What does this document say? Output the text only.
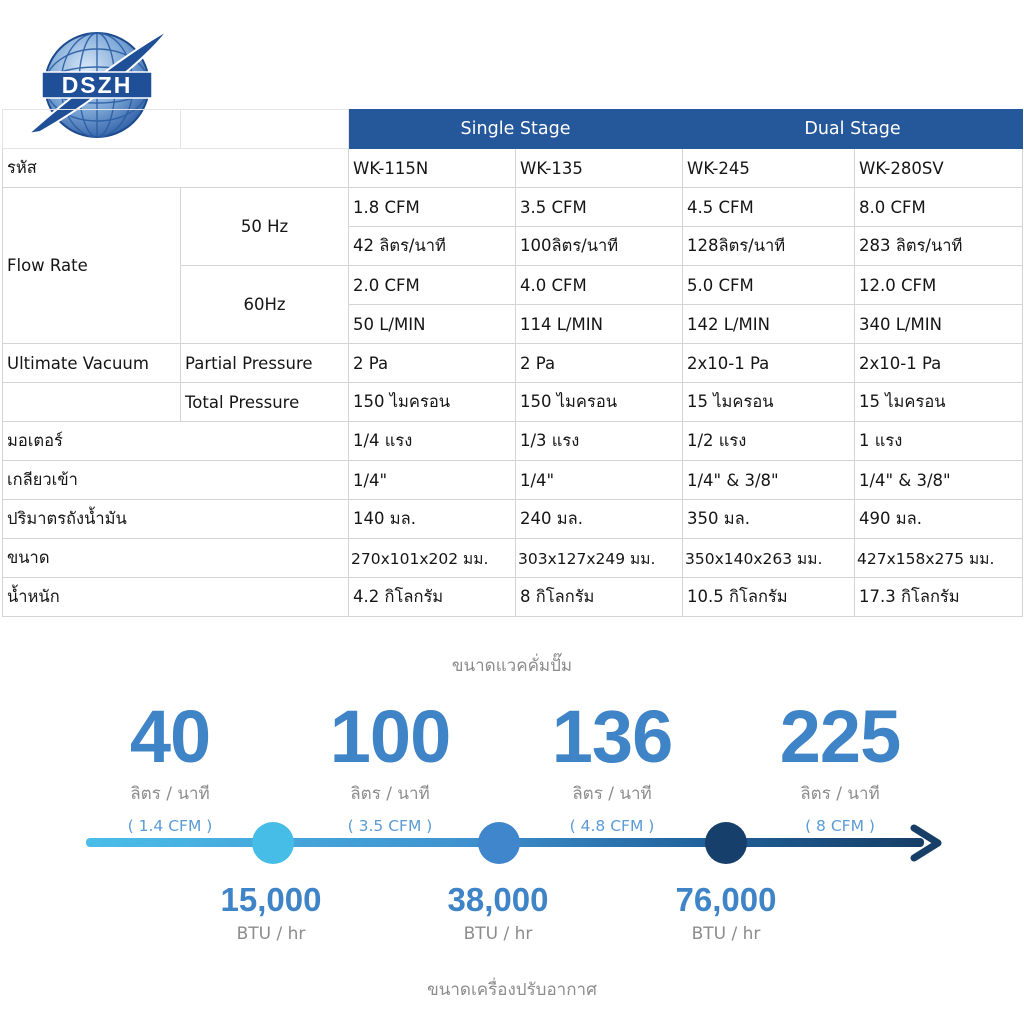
DSZH
		Single Stage		Dual Stage	
รหัส		WK-115N	WK-135	WK-245	WK-280SV
Flow Rate	50 Hz	1.8 CFM	3.5 CFM	4.5 CFM	8.0 CFM
		42 ลิตร/นาที	100ลิตร/นาที	128ลิตร/นาที	283 ลิตร/นาที
	60Hz	2.0 CFM	4.0 CFM	5.0 CFM	12.0 CFM
		50 L/MIN	114 L/MIN	142 L/MIN	340 L/MIN
Ultimate Vacuum	Partial Pressure	2 Pa	2 Pa	2x10-1 Pa	2x10-1 Pa
	Total Pressure	150 ไมครอน	150 ไมครอน	15 ไมครอน	15 ไมครอน
มอเตอร์		1/4 แรง	1/3 แรง	1/2 แรง	1 แรง
เกลียวเข้า		1/4"	1/4"	1/4" & 3/8"	1/4" & 3/8"
ปริมาตรถังน้ำมัน		140 มล.	240 มล.	350 มล.	490 มล.
ขนาด		270x101x202 มม.	303x127x249 มม.	350x140x263 มม.	427x158x275 มม.
น้ำหนัก		4.2 กิโลกรัม	8 กิโลกรัม	10.5 กิโลกรัม	17.3 กิโลกรัม
ขนาดแวคคั่มปั๊ม
40
ลิตร / นาที
( 1.4 CFM )
100
ลิตร / นาที
( 3.5 CFM )
136
ลิตร / นาที
( 4.8 CFM )
225
ลิตร / นาที
( 8 CFM )
15,000
BTU / hr
38,000
BTU / hr
76,000
BTU / hr
ขนาดเครื่องปรับอากาศ
